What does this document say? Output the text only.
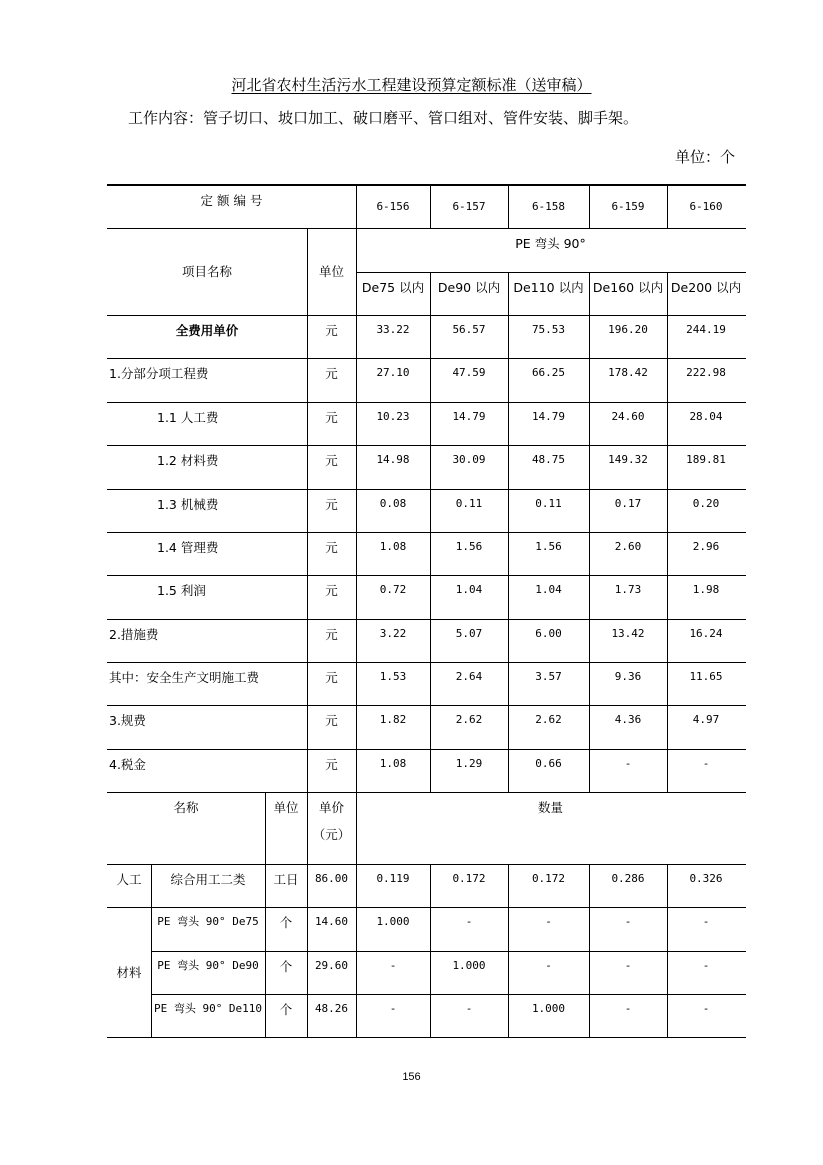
河北省农村生活污水工程建设预算定额标准（送审稿）
工作内容：管子切口、坡口加工、破口磨平、管口组对、管件安装、脚手架。
单位：个
定 额 编 号	6-156	6-157	6-158	6-159	6-160
项目名称	单位
PE 弯头 90°
De75 以内	De90 以内	De110 以内 De160 以内 De200 以内
全费用单价	元	33.22	56.57	75.53	196.20	244.19
1.分部分项工程费	元	27.10	47.59	66.25	178.42	222.98
1.1 人工费	元	10.23	14.79	14.79	24.60	28.04
1.2 材料费	元	14.98	30.09	48.75	149.32	189.81
1.3 机械费	元	0.08	0.11	0.11	0.17	0.20
1.4 管理费	元	1.08	1.56	1.56	2.60	2.96
1.5 利润	元	0.72	1.04	1.04	1.73	1.98
2.措施费	元	3.22	5.07	6.00	13.42	16.24
其中：安全生产文明施工费	元	1.53	2.64	3.57	9.36	11.65
3.规费	元	1.82	2.62	2.62	4.36	4.97
4.税金	元	1.08	1.29	0.66	-	-
名称	单位	单价
（元）
数量
人工	综合用工二类	工日	86.00	0.119	0.172	0.172	0.286	0.326
材料
PE 弯头 90° De75	个	14.60	1.000	-	-	-	-
PE 弯头 90° De90	个	29.60	-	1.000	-	-	-
PE 弯头 90° De110	个	48.26	-	-	1.000	-	-
156
